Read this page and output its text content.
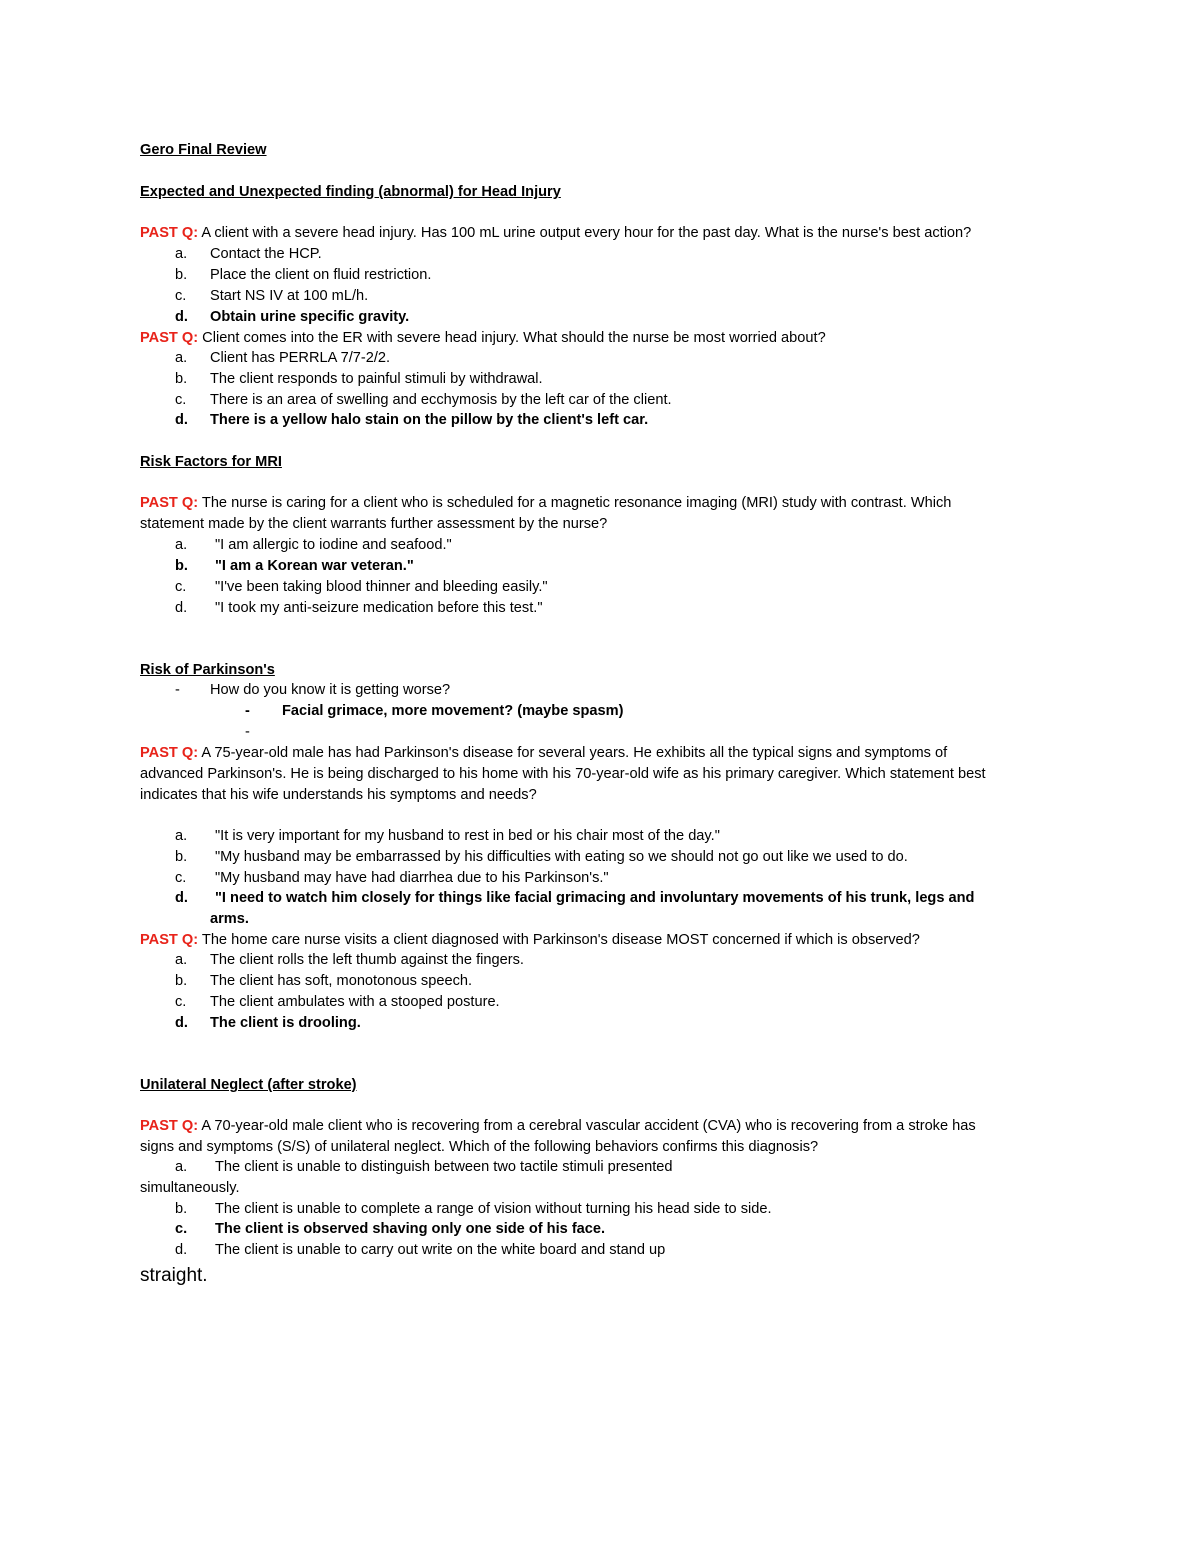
Gero Final Review
Expected and Unexpected finding (abnormal) for Head Injury
PAST Q: A client with a severe head injury. Has 100 mL urine output every hour for the past day. What is the nurse's best action?
a.	Contact the HCP.
b.	Place the client on fluid restriction.
c.	Start NS IV at 100 mL/h.
d.	Obtain urine specific gravity.
PAST Q: Client comes into the ER with severe head injury. What should the nurse be most worried about?
a.	Client has PERRLA 7/7-2/2.
b.	The client responds to painful stimuli by withdrawal.
c.	There is an area of swelling and ecchymosis by the left car of the client.
d.	There is a yellow halo stain on the pillow by the client's left car.
Risk Factors for MRI
PAST Q: The nurse is caring for a client who is scheduled for a magnetic resonance imaging (MRI) study with contrast. Which
statement made by the client warrants further assessment by the nurse?
a.	"I am allergic to iodine and seafood."
b.	"I am a Korean war veteran."
c.	"I've been taking blood thinner and bleeding easily."
d.	"I took my anti-seizure medication before this test."
Risk of Parkinson's
-	How do you know it is getting worse?
- Facial grimace, more movement? (maybe spasm)
-
PAST Q: A 75-year-old male has had Parkinson's disease for several years. He exhibits all the typical signs and symptoms of
advanced Parkinson's. He is being discharged to his home with his 70-year-old wife as his primary caregiver. Which statement best
indicates that his wife understands his symptoms and needs?
a.	"It is very important for my husband to rest in bed or his chair most of the day."
b.	"My husband may be embarrassed by his difficulties with eating so we should not go out like we used to do.
c.	"My husband may have had diarrhea due to his Parkinson's."
d.	"I need to watch him closely for things like facial grimacing and involuntary movements of his trunk, legs and
arms.
PAST Q: The home care nurse visits a client diagnosed with Parkinson's disease MOST concerned if which is observed?
a.	The client rolls the left thumb against the fingers.
b.	The client has soft, monotonous speech.
c.	The client ambulates with a stooped posture.
d.	The client is drooling.
Unilateral Neglect (after stroke)
PAST Q: A 70-year-old male client who is recovering from a cerebral vascular accident (CVA) who is recovering from a stroke has
signs and symptoms (S/S) of unilateral neglect. Which of the following behaviors confirms this diagnosis?
a.	The client is unable to distinguish between two tactile stimuli presented
simultaneously.
b.	The client is unable to complete a range of vision without turning his head side to side.
c.	The client is observed shaving only one side of his face.
d.	The client is unable to carry out write on the white board and stand up
straight.
